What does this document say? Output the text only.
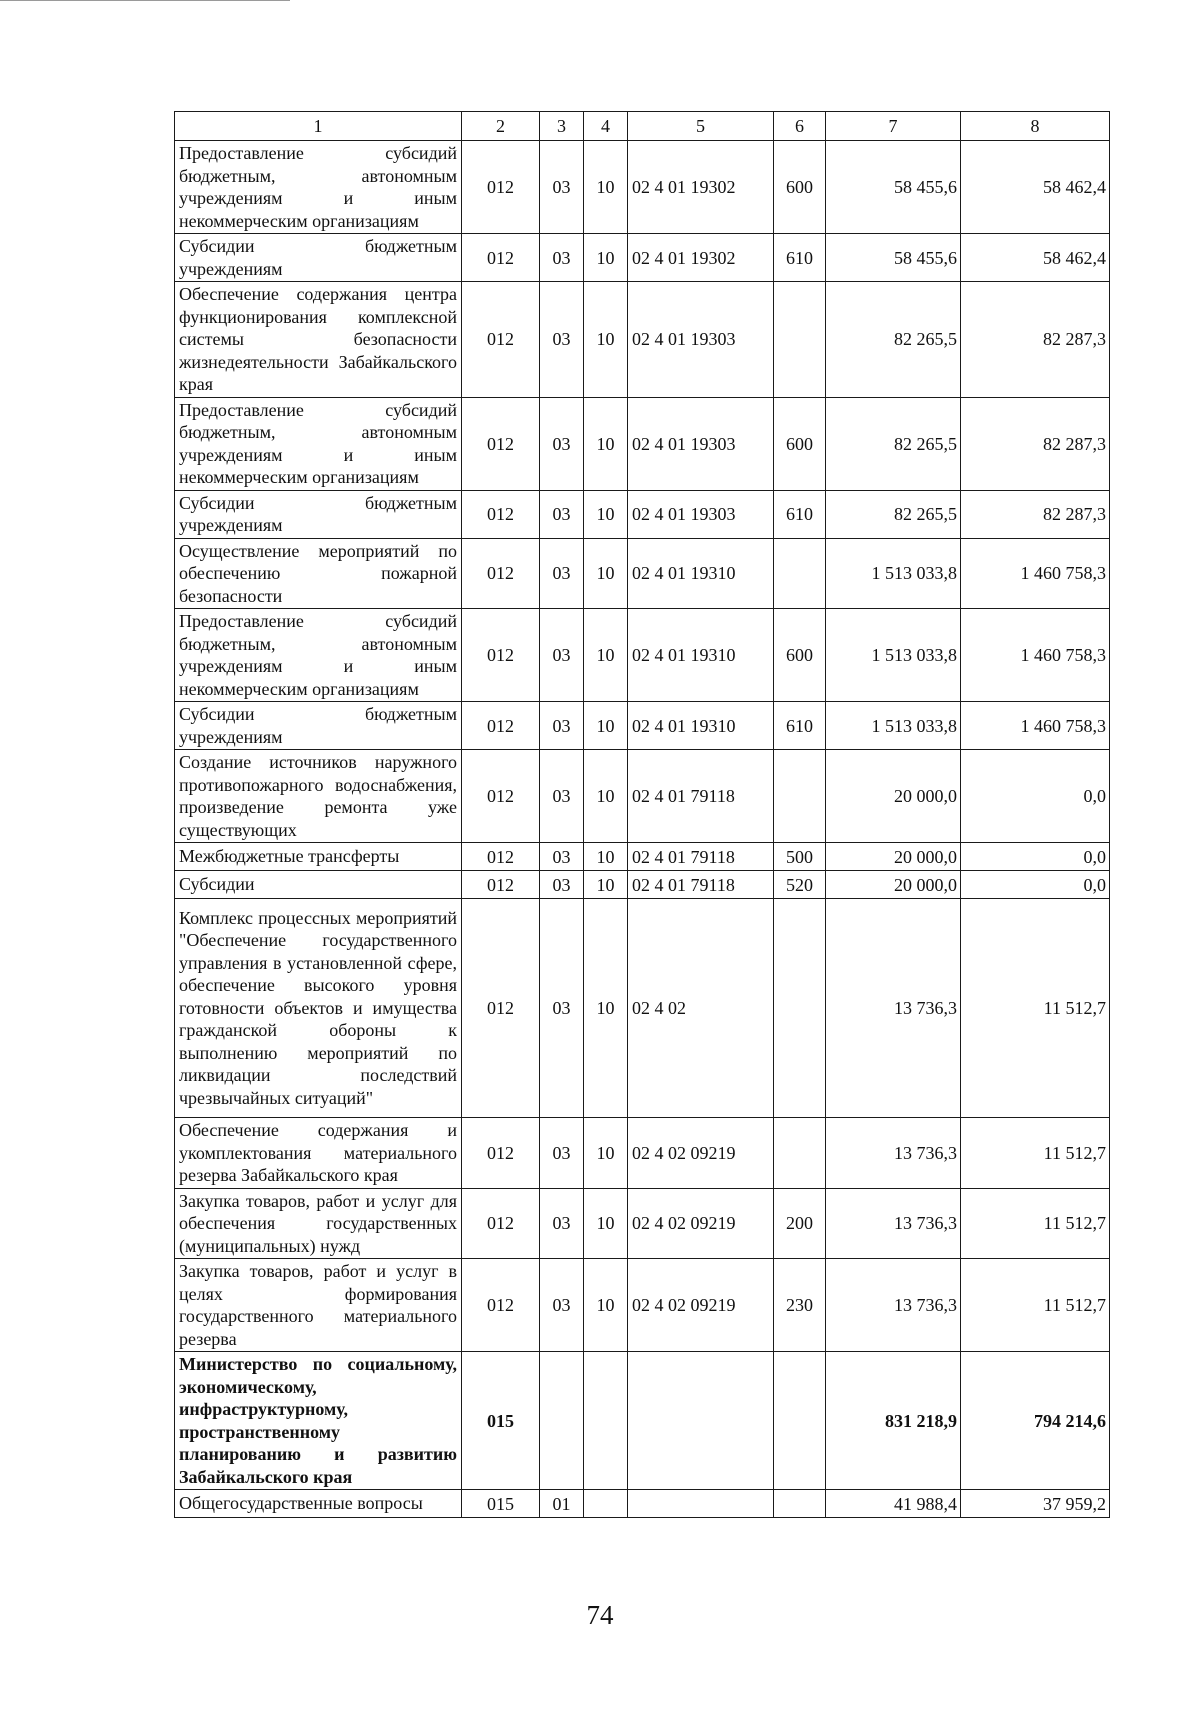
1	2	3	4	5	6	7	8
Предоставление субсидий бюджетным, автономным учреждениям и иным некоммерческим организациям	012	03	10	02 4 01 19302	600	58 455,6	58 462,4
Субсидии бюджетным учреждениям	012	03	10	02 4 01 19302	610	58 455,6	58 462,4
Обеспечение содержания центра функционирования комплексной системы безопасности жизнедеятельности Забайкальского края	012	03	10	02 4 01 19303		82 265,5	82 287,3
Предоставление субсидий бюджетным, автономным учреждениям и иным некоммерческим организациям	012	03	10	02 4 01 19303	600	82 265,5	82 287,3
Субсидии бюджетным учреждениям	012	03	10	02 4 01 19303	610	82 265,5	82 287,3
Осуществление мероприятий по обеспечению пожарной безопасности	012	03	10	02 4 01 19310		1 513 033,8	1 460 758,3
Предоставление субсидий бюджетным, автономным учреждениям и иным некоммерческим организациям	012	03	10	02 4 01 19310	600	1 513 033,8	1 460 758,3
Субсидии бюджетным учреждениям	012	03	10	02 4 01 19310	610	1 513 033,8	1 460 758,3
Создание источников наружного противопожарного водоснабжения, произведение ремонта уже существующих	012	03	10	02 4 01 79118		20 000,0	0,0
Межбюджетные трансферты	012	03	10	02 4 01 79118	500	20 000,0	0,0
Субсидии	012	03	10	02 4 01 79118	520	20 000,0	0,0
Комплекс процессных мероприятий "Обеспечение государственного управления в установленной сфере, обеспечение высокого уровня готовности объектов и имущества гражданской обороны к выполнению мероприятий по ликвидации последствий чрезвычайных ситуаций"	012	03	10	02 4 02		13 736,3	11 512,7
Обеспечение содержания и укомплектования материального резерва Забайкальского края	012	03	10	02 4 02 09219		13 736,3	11 512,7
Закупка товаров, работ и услуг для обеспечения государственных (муниципальных) нужд	012	03	10	02 4 02 09219	200	13 736,3	11 512,7
Закупка товаров, работ и услуг в целях формирования государственного материального резерва	012	03	10	02 4 02 09219	230	13 736,3	11 512,7
Министерство по социальному, экономическому, инфраструктурному, пространственному планированию и развитию Забайкальского края	015					831 218,9	794 214,6
Общегосударственные вопросы	015	01				41 988,4	37 959,2
74
